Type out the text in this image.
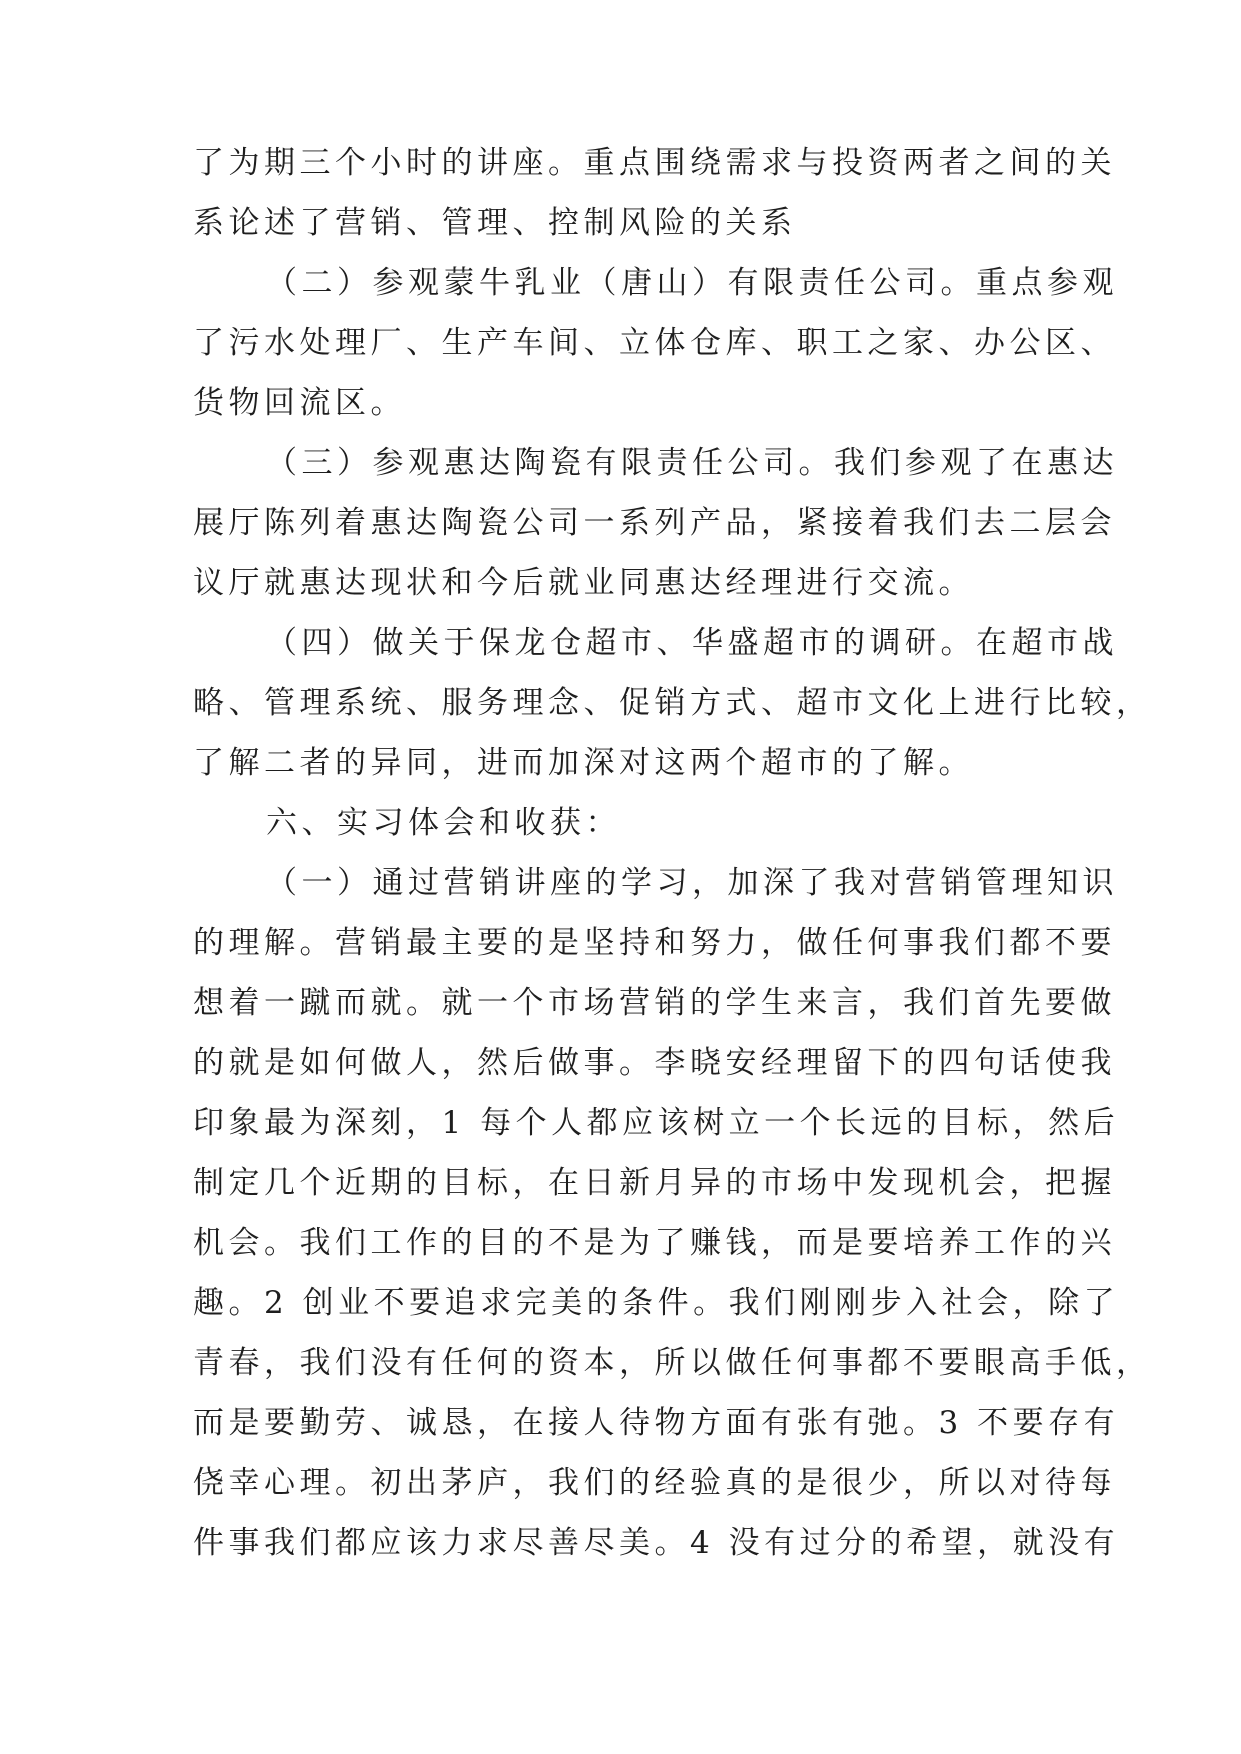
了为期三个小时的讲座。重点围绕需求与投资两者之间的关
系论述了营销、管理、控制风险的关系
（二）参观蒙牛乳业（唐山）有限责任公司。重点参观
了污水处理厂、生产车间、立体仓库、职工之家、办公区、
货物回流区。
（三）参观惠达陶瓷有限责任公司。我们参观了在惠达
展厅陈列着惠达陶瓷公司一系列产品，紧接着我们去二层会
议厅就惠达现状和今后就业同惠达经理进行交流。
（四）做关于保龙仓超市、华盛超市的调研。在超市战
略、管理系统、服务理念、促销方式、超市文化上进行比较，
了解二者的异同，进而加深对这两个超市的了解。
六、实习体会和收获：
（一）通过营销讲座的学习，加深了我对营销管理知识
的理解。营销最主要的是坚持和努力，做任何事我们都不要
想着一蹴而就。就一个市场营销的学生来言，我们首先要做
的就是如何做人，然后做事。李晓安经理留下的四句话使我
印象最为深刻，1 每个人都应该树立一个长远的目标，然后
制定几个近期的目标，在日新月异的市场中发现机会，把握
机会。我们工作的目的不是为了赚钱，而是要培养工作的兴
趣。2 创业不要追求完美的条件。我们刚刚步入社会，除了
青春，我们没有任何的资本，所以做任何事都不要眼高手低，
而是要勤劳、诚恳，在接人待物方面有张有弛。3 不要存有
侥幸心理。初出茅庐，我们的经验真的是很少，所以对待每
件事我们都应该力求尽善尽美。4 没有过分的希望，就没有
